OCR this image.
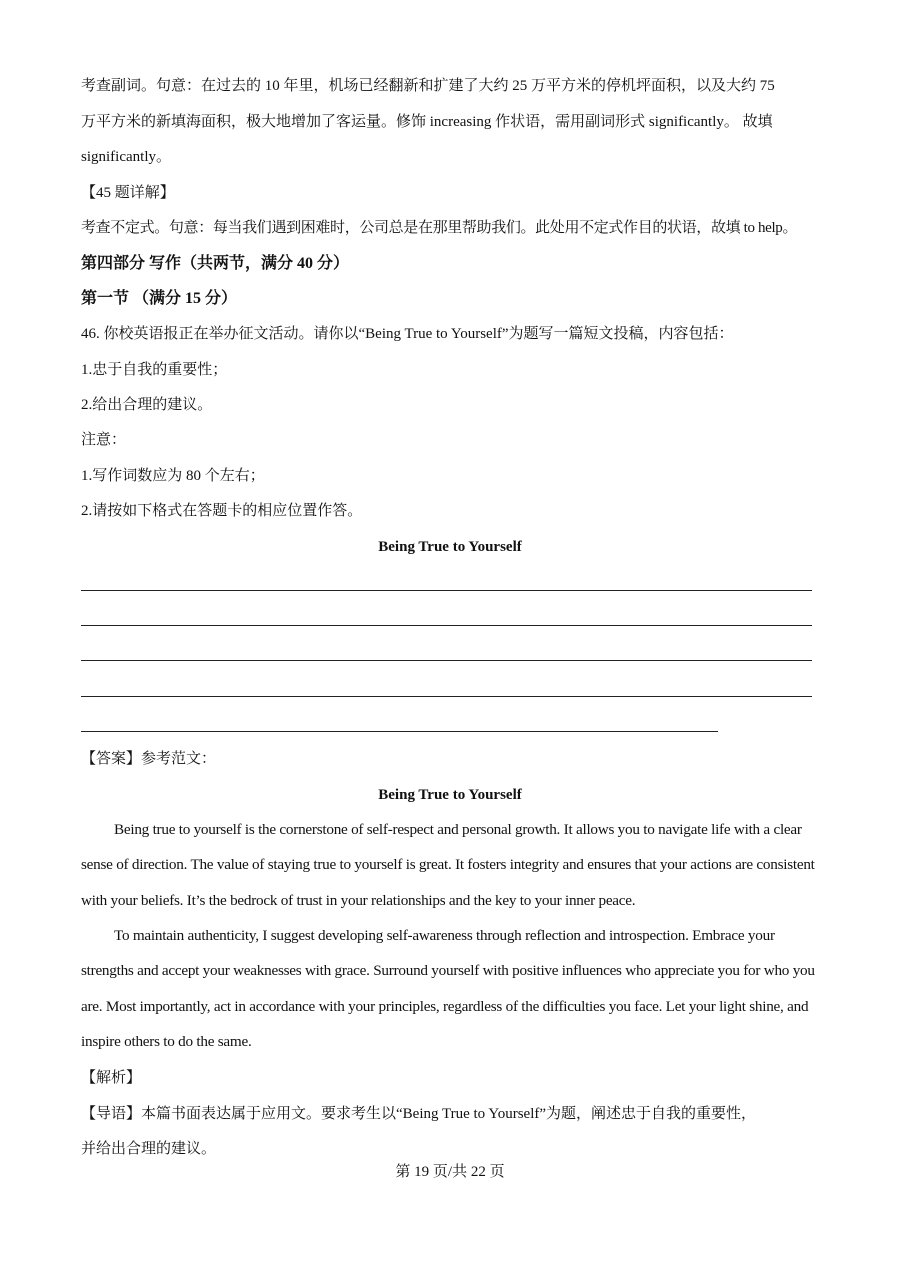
考查副词。句意：在过去的 10 年里，机场已经翻新和扩建了大约 25 万平方米的停机坪面积，以及大约 75
万平方米的新填海面积，极大地增加了客运量。修饰 increasing 作状语，需用副词形式 significantly。 故填
significantly。
【45 题详解】
考查不定式。句意：每当我们遇到困难时，公司总是在那里帮助我们。此处用不定式作目的状语，故填 to help。
第四部分 写作（共两节，满分 40 分）
第一节 （满分 15 分）
46. 你校英语报正在举办征文活动。请你以“Being True to Yourself”为题写一篇短文投稿，内容包括：
1.忠于自我的重要性；
2.给出合理的建议。
注意：
1.写作词数应为 80 个左右；
2.请按如下格式在答题卡的相应位置作答。
Being True to Yourself
【答案】参考范文：
Being True to Yourself
Being true to yourself is the cornerstone of self-respect and personal growth. It allows you to navigate life with a clear sense of direction. The value of staying true to yourself is great. It fosters integrity and ensures that your actions are consistent with your beliefs. It’s the bedrock of trust in your relationships and the key to your inner peace.
To maintain authenticity, I suggest developing self-awareness through reflection and introspection. Embrace your strengths and accept your weaknesses with grace. Surround yourself with positive influences who appreciate you for who you are. Most importantly, act in accordance with your principles, regardless of the difficulties you face. Let your light shine, and inspire others to do the same.
【解析】
【导语】本篇书面表达属于应用文。要求考生以“Being True to Yourself”为题，阐述忠于自我的重要性，
并给出合理的建议。
第 19 页/共 22 页
